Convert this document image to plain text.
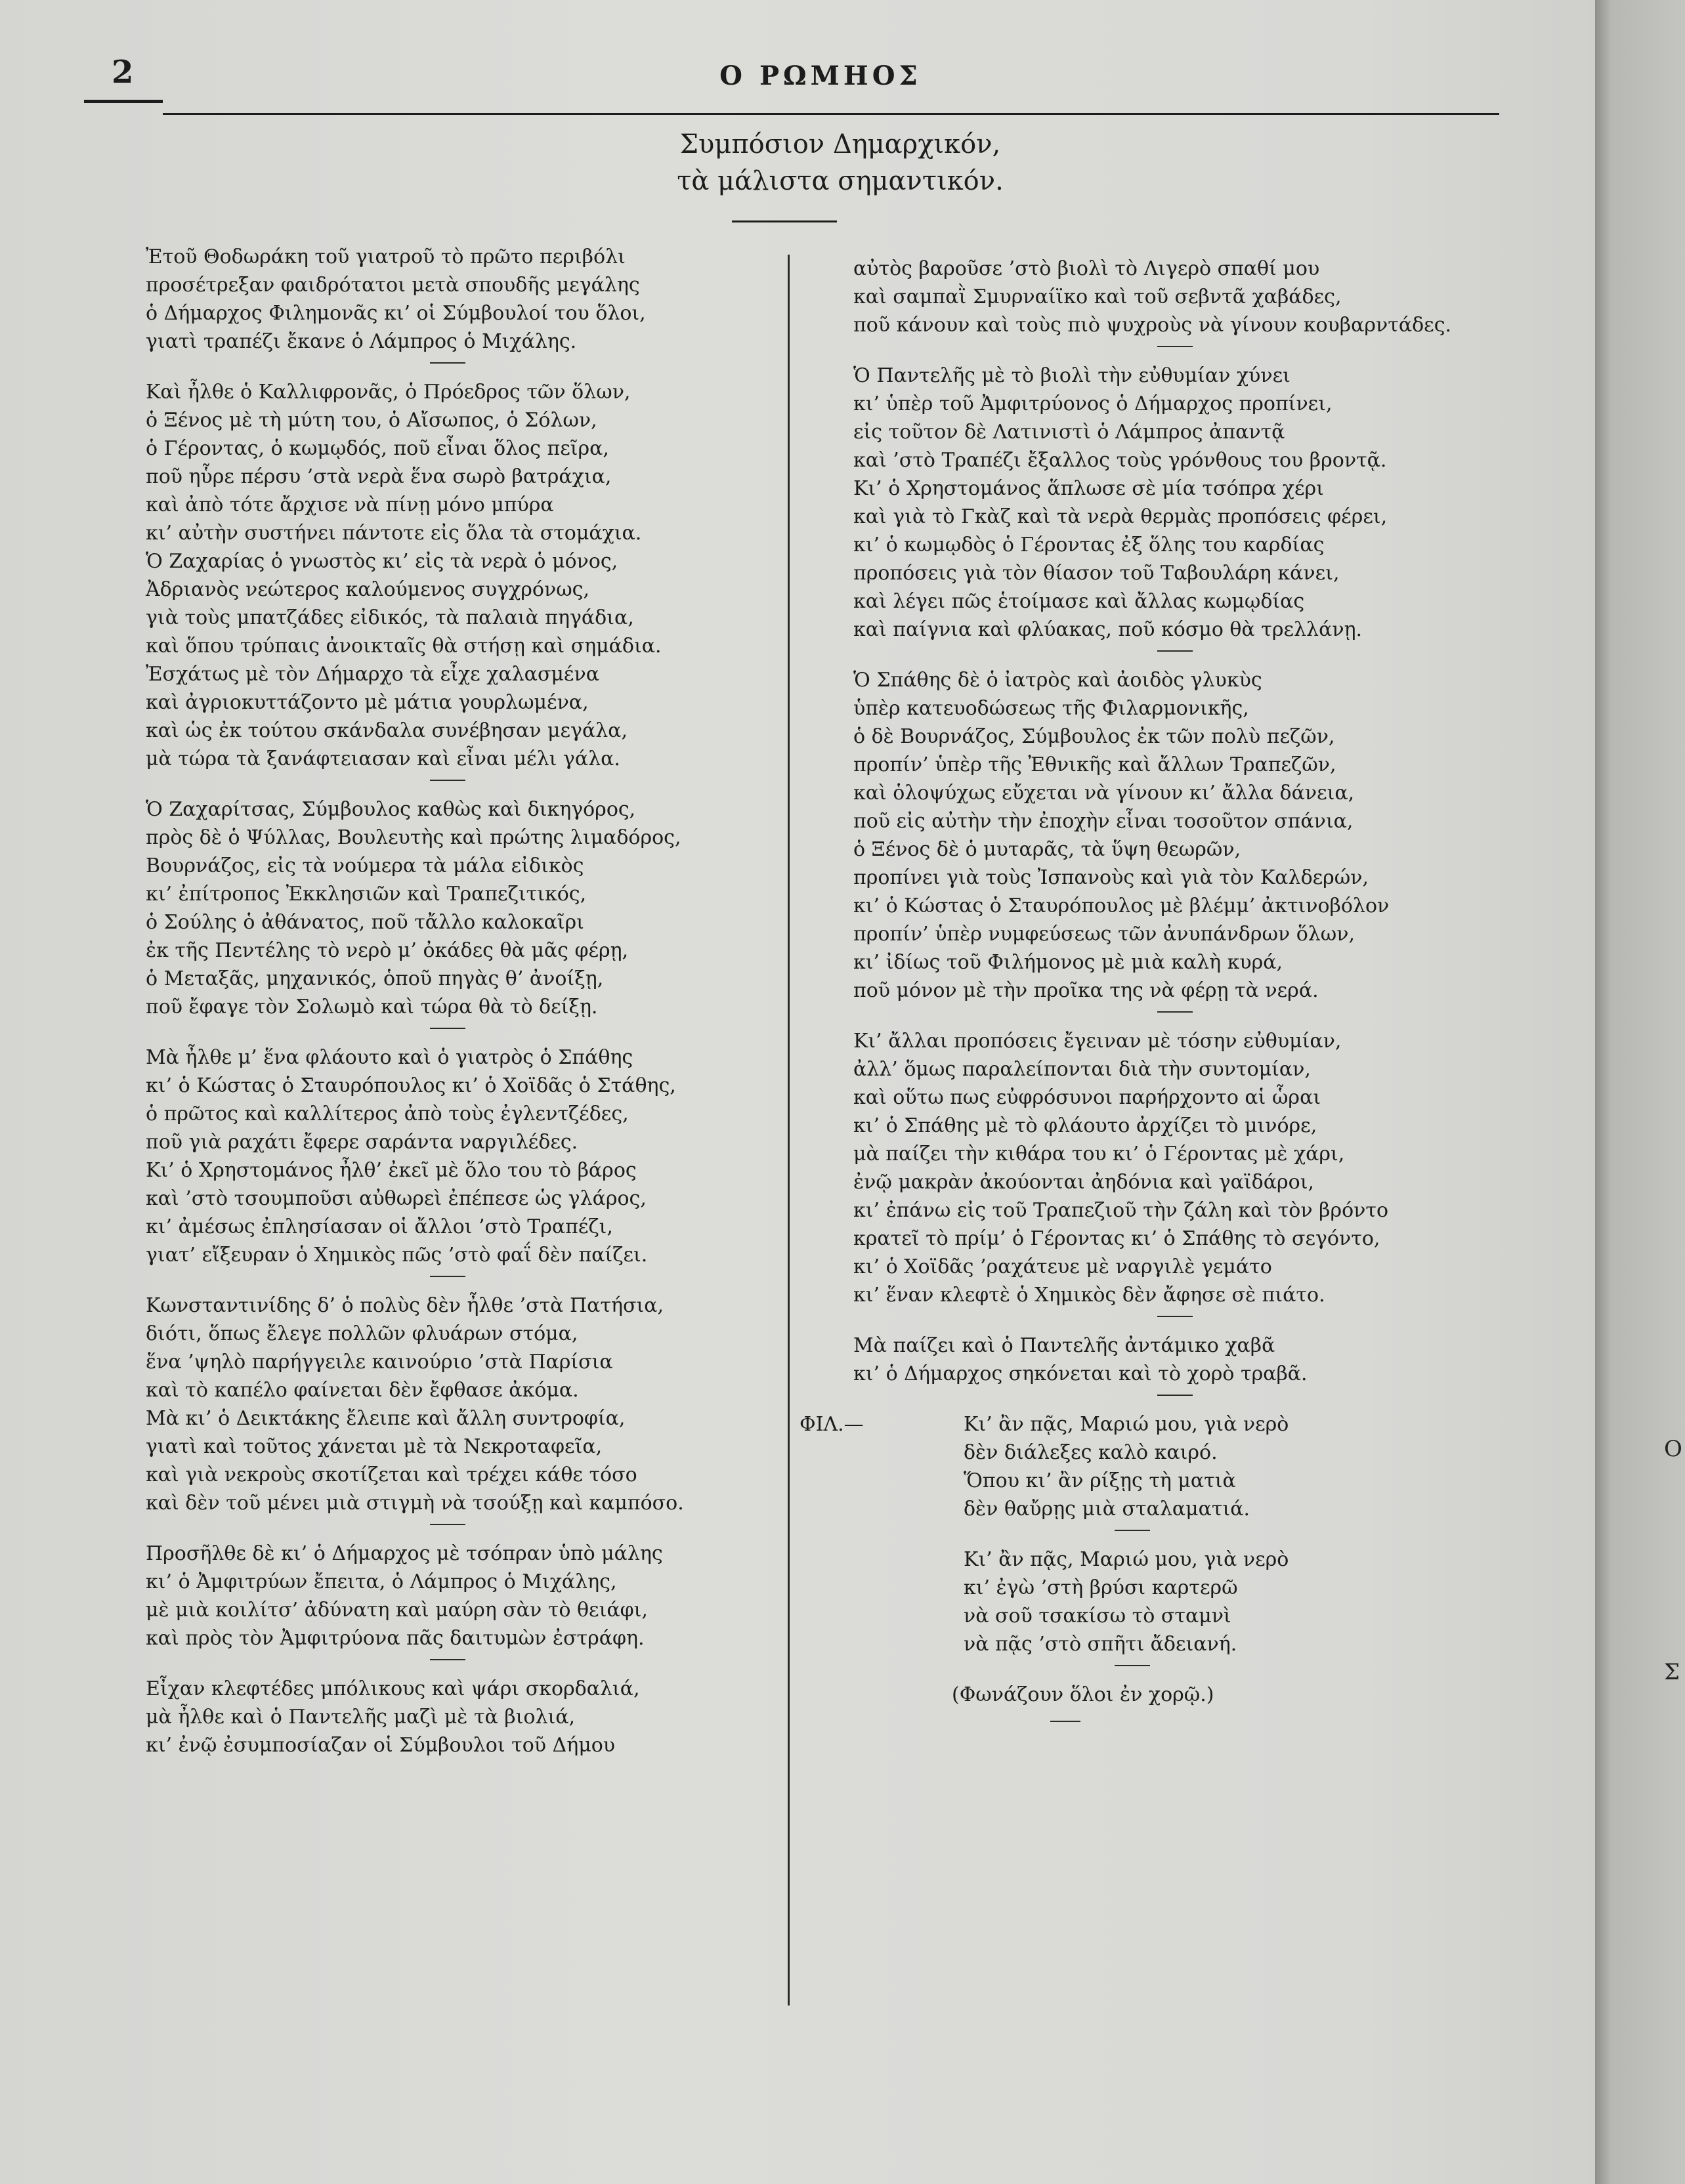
2	Ο ΡΩΜΗΟΣ
Συμπόσιον Δημαρχικόν,
τὰ μάλιστα σημαντικόν.
Ἐτοῦ Θοδωράκη τοῦ γιατροῦ τὸ πρῶτο περιβόλι
προσέτρεξαν φαιδρότατοι μετὰ σπουδῆς μεγάλης
ὁ Δήμαρχος Φιλημονᾶς κι’ οἱ Σύμβουλοί του ὅλοι,
γιατὶ τραπέζι ἔκανε ὁ Λάμπρος ὁ Μιχάλης.
Καὶ ἦλθε ὁ Καλλιφρονᾶς, ὁ Πρόεδρος τῶν ὅλων,
ὁ Ξένος μὲ τὴ μύτη του, ὁ Αἴσωπος, ὁ Σόλων,
ὁ Γέροντας, ὁ κωμῳδός, ποῦ εἶναι ὅλος πεῖρα,
ποῦ ηὗρε πέρσυ ’στὰ νερὰ ἕνα σωρὸ βατράχια,
καὶ ἀπὸ τότε ἄρχισε νὰ πίνῃ μόνο μπύρα
κι’ αὐτὴν συστήνει πάντοτε εἰς ὅλα τὰ στομάχια.
Ὁ Ζαχαρίας ὁ γνωστὸς κι’ εἰς τὰ νερὰ ὁ μόνος,
Ἀδριανὸς νεώτερος καλούμενος συγχρόνως,
γιὰ τοὺς μπατζάδες εἰδικός, τὰ παλαιὰ πηγάδια,
καὶ ὅπου τρύπαις ἀνοικταῖς θὰ στήσῃ καὶ σημάδια.
Ἐσχάτως μὲ τὸν Δήμαρχο τὰ εἶχε χαλασμένα
καὶ ἀγριοκυττάζοντο μὲ μάτια γουρλωμένα,
καὶ ὡς ἐκ τούτου σκάνδαλα συνέβησαν μεγάλα,
μὰ τώρα τὰ ξανάφτειασαν καὶ εἶναι μέλι γάλα.
Ὁ Ζαχαρίτσας, Σύμβουλος καθὼς καὶ δικηγόρος,
πρὸς δὲ ὁ Ψύλλας, Βουλευτὴς καὶ πρώτης λιμαδόρος,
Βουρνάζος, εἰς τὰ νούμερα τὰ μάλα εἰδικὸς
κι’ ἐπίτροπος Ἐκκλησιῶν καὶ Τραπεζιτικός,
ὁ Σούλης ὁ ἀθάνατος, ποῦ τἄλλο καλοκαῖρι
ἐκ τῆς Πεντέλης τὸ νερὸ μ’ ὀκάδες θὰ μᾶς φέρῃ,
ὁ Μεταξᾶς, μηχανικός, ὁποῦ πηγὰς θ’ ἀνοίξῃ,
ποῦ ἔφαγε τὸν Σολωμὸ καὶ τώρα θὰ τὸ δείξῃ.
Μὰ ἦλθε μ’ ἕνα φλάουτο καὶ ὁ γιατρὸς ὁ Σπάθης
κι’ ὁ Κώστας ὁ Σταυρόπουλος κι’ ὁ Χοϊδᾶς ὁ Στάθης,
ὁ πρῶτος καὶ καλλίτερος ἀπὸ τοὺς ἐγλεντζέδες,
ποῦ γιὰ ραχάτι ἔφερε σαράντα ναργιλέδες.
Κι’ ὁ Χρηστομάνος ἦλθ’ ἐκεῖ μὲ ὅλο του τὸ βάρος
καὶ ’στὸ τσουμποῦσι αὐθωρεὶ ἐπέπεσε ὡς γλάρος,
κι’ ἀμέσως ἐπλησίασαν οἱ ἄλλοι ’στὸ Τραπέζι,
γιατ’ εἴξευραν ὁ Χημικὸς πῶς ’στὸ φαΐ δὲν παίζει.
Κωνσταντινίδης δ’ ὁ πολὺς δὲν ἦλθε ’στὰ Πατήσια,
διότι, ὅπως ἔλεγε πολλῶν φλυάρων στόμα,
ἕνα ’ψηλὸ παρήγγειλε καινούριο ’στὰ Παρίσια
καὶ τὸ καπέλο φαίνεται δὲν ἔφθασε ἀκόμα.
Μὰ κι’ ὁ Δεικτάκης ἔλειπε καὶ ἄλλη συντροφία,
γιατὶ καὶ τοῦτος χάνεται μὲ τὰ Νεκροταφεῖα,
καὶ γιὰ νεκροὺς σκοτίζεται καὶ τρέχει κάθε τόσο
καὶ δὲν τοῦ μένει μιὰ στιγμὴ νὰ τσούξῃ καὶ καμπόσο.
Προσῆλθε δὲ κι’ ὁ Δήμαρχος μὲ τσόπραν ὑπὸ μάλης
κι’ ὁ Ἀμφιτρύων ἔπειτα, ὁ Λάμπρος ὁ Μιχάλης,
μὲ μιὰ κοιλίτσ’ ἀδύνατη καὶ μαύρη σὰν τὸ θειάφι,
καὶ πρὸς τὸν Ἀμφιτρύονα πᾶς δαιτυμὼν ἐστράφη.
Εἶχαν κλεφτέδες μπόλικους καὶ ψάρι σκορδαλιά,
μὰ ἦλθε καὶ ὁ Παντελῆς μαζὶ μὲ τὰ βιολιά,
κι’ ἐνῷ ἐσυμποσίαζαν οἱ Σύμβουλοι τοῦ Δήμου
αὐτὸς βαροῦσε ’στὸ βιολὶ τὸ Λιγερὸ σπαθί μου
καὶ σαμπαῒ Σμυρναίϊκο καὶ τοῦ σεβντᾶ χαβάδες,
ποῦ κάνουν καὶ τοὺς πιὸ ψυχροὺς νὰ γίνουν κουβαρντάδες.
Ὁ Παντελῆς μὲ τὸ βιολὶ τὴν εὐθυμίαν χύνει
κι’ ὑπὲρ τοῦ Ἀμφιτρύονος ὁ Δήμαρχος προπίνει,
εἰς τοῦτον δὲ Λατινιστὶ ὁ Λάμπρος ἀπαντᾷ
καὶ ’στὸ Τραπέζι ἔξαλλος τοὺς γρόνθους του βροντᾷ.
Κι’ ὁ Χρηστομάνος ἅπλωσε σὲ μία τσόπρα χέρι
καὶ γιὰ τὸ Γκὰζ καὶ τὰ νερὰ θερμὰς προπόσεις φέρει,
κι’ ὁ κωμῳδὸς ὁ Γέροντας ἐξ ὅλης του καρδίας
προπόσεις γιὰ τὸν θίασον τοῦ Ταβουλάρη κάνει,
καὶ λέγει πῶς ἑτοίμασε καὶ ἄλλας κωμῳδίας
καὶ παίγνια καὶ φλύακας, ποῦ κόσμο θὰ τρελλάνῃ.
Ὁ Σπάθης δὲ ὁ ἰατρὸς καὶ ἀοιδὸς γλυκὺς
ὑπὲρ κατευοδώσεως τῆς Φιλαρμονικῆς,
ὁ δὲ Βουρνάζος, Σύμβουλος ἐκ τῶν πολὺ πεζῶν,
προπίν’ ὑπὲρ τῆς Ἐθνικῆς καὶ ἄλλων Τραπεζῶν,
καὶ ὁλοψύχως εὔχεται νὰ γίνουν κι’ ἄλλα δάνεια,
ποῦ εἰς αὐτὴν τὴν ἐποχὴν εἶναι τοσοῦτον σπάνια,
ὁ Ξένος δὲ ὁ μυταρᾶς, τὰ ὕψη θεωρῶν,
προπίνει γιὰ τοὺς Ἰσπανοὺς καὶ γιὰ τὸν Καλδερών,
κι’ ὁ Κώστας ὁ Σταυρόπουλος μὲ βλέμμ’ ἀκτινοβόλον
προπίν’ ὑπὲρ νυμφεύσεως τῶν ἀνυπάνδρων ὅλων,
κι’ ἰδίως τοῦ Φιλήμονος μὲ μιὰ καλὴ κυρά,
ποῦ μόνον μὲ τὴν προῖκα της νὰ φέρῃ τὰ νερά.
Κι’ ἄλλαι προπόσεις ἔγειναν μὲ τόσην εὐθυμίαν,
ἀλλ’ ὅμως παραλείπονται διὰ τὴν συντομίαν,
καὶ οὕτω πως εὐφρόσυνοι παρήρχοντο αἱ ὧραι
κι’ ὁ Σπάθης μὲ τὸ φλάουτο ἀρχίζει τὸ μινόρε,
μὰ παίζει τὴν κιθάρα του κι’ ὁ Γέροντας μὲ χάρι,
ἐνῷ μακρὰν ἀκούονται ἀηδόνια καὶ γαϊδάροι,
κι’ ἐπάνω εἰς τοῦ Τραπεζιοῦ τὴν ζάλη καὶ τὸν βρόντο
κρατεῖ τὸ πρίμ’ ὁ Γέροντας κι’ ὁ Σπάθης τὸ σεγόντο,
κι’ ὁ Χοϊδᾶς ’ραχάτευε μὲ ναργιλὲ γεμάτο
κι’ ἕναν κλεφτὲ ὁ Χημικὸς δὲν ἄφησε σὲ πιάτο.
Μὰ παίζει καὶ ὁ Παντελῆς ἀντάμικο χαβᾶ
κι’ ὁ Δήμαρχος σηκόνεται καὶ τὸ χορὸ τραβᾶ.
ΦΙΛ.—	Κι’ ἂν πᾷς, Μαριώ μου, γιὰ νερὸ
δὲν διάλεξες καλὸ καιρό.
Ὅπου κι’ ἂν ρίξῃς τὴ ματιὰ
δὲν θαὔρῃς μιὰ σταλαματιά.
Κι’ ἂν πᾷς, Μαριώ μου, γιὰ νερὸ
κι’ ἐγὼ ’στὴ βρύσι καρτερῶ
νὰ σοῦ τσακίσω τὸ σταμνὶ
νὰ πᾷς ’στὸ σπῆτι ἄδειανή.
(Φωνάζουν ὅλοι ἐν χορῷ.)
Ο
Σ
